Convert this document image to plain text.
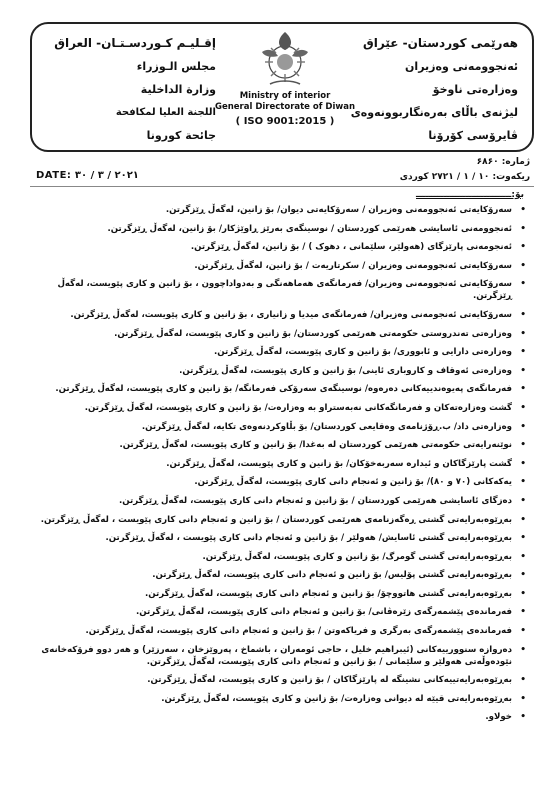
هەرێمی کوردستان- عێراق
ئەنجوومەنی وەزیران
وەزارەتی ناوخۆ
لیژنەی باڵای بەرەنگاربوونەوەی
ڤایرۆسی کۆرۆنا
Ministry of interior
General Directorate of Diwan
( ISO 9001:2015 )
إقـليـم كـوردسـتـان- العراق
مجلس الـوزراء
وزارة الداخلية
اللجنة العليا لمكافحة
جائحة كورونا
ژمارە: ۶۸۶۰
ریکەوت: ١٠ / ١ / ٢٧٢١ کوردی
DATE: ٢٠٢١ / ٣ / ٣٠
بۆ:ـــــــــــــــــــــــــــــــ
•
سەرۆکایەتی ئەنجوومەنی وەزیران / سەرۆکایەتی دیوان/ بۆ زانین، لەگەڵ ڕێزگرتن.
•
ئەنجوومەنی ئاسایشی هەرێمی کوردستان / نوسینگەی بەرێز ڕاوێژکار/ بۆ زانین، لەگەڵ ڕێزگرتن.
•
ئەنجومەنی پارێزگای (هەولێر، سلێمانی ، دهوک ) / بۆ زانین، لەگەڵ ڕێزگرتن.
•
سەرۆکایەتی ئەنجوومەنی وەزیران / سکرتاریەت / بۆ زانین، لەگەڵ ڕێزگرتن.
•
سەرۆکایەتی ئەنجوومەنی وەزیران/ فەرمانگەی هەماهەنگی و بەدواداچوون ، بۆ زانین و کاری پێویست، لەگەڵ ڕێزگرتن.
•
سەرۆکایەتی ئەنجومەنی وەزیران/ فەرمانگەی میدیا و زانیاری ، بۆ زانین و کاری پێویست، لەگەڵ ڕێزگرتن.
•
وەزارەتی تەندروستی حکومەتی هەرێمی کوردستان/ بۆ زانین و کاری پێویست، لەگەڵ ڕێزگرتن.
•
وەزارەتی دارایی و ئابووری/ بۆ زانین و کاری پێویست، لەگەڵ ڕێزگرتن.
•
وەزارەتی ئەوقاف و کاروباری ئاینی/ بۆ زانین و کاری پێویست، لەگەڵ ڕێزگرتن.
•
فەرمانگەی پەیوەندییەکانی دەرەوە/ نوسینگەی سەرۆکی فەرمانگە/ بۆ زانین و کاری پێویست، لەگەڵ ڕێزگرتن.
•
گشت وەزارەتەکان و فەرمانگەکانی نەبەستراو بە وەزارەت/ بۆ زانین و کاری پێویست، لەگەڵ ڕێزگرتن.
•
وەزارەتی داد/ ب.ڕۆژنامەی وەقایعی کوردستان/ بۆ بڵاوکردنەوەی تکایە، لەگەڵ ڕێزگرتن.
•
نوێنەرایەتی حکومەتی هەرێمی کوردستان لە بەغدا/ بۆ زانین و کاری پێویست، لەگەڵ ڕێزگرتن.
•
گشت پارێزگاکان و ئیدارە سەربەخۆکان/ بۆ زانین و کاری پێویست، لەگەڵ ڕێزگرتن.
•
یەکەکانی (٧٠ و ٨٠)/ بۆ زانین و ئەنجام دانی کاری پێویست، لەگەڵ ڕێزگرتن.
•
دەزگای ئاسایشی هەرێمی کوردستان / بۆ زانین و ئەنجام دانی کاری پێویست، لەگەڵ ڕێزگرتن.
•
بەڕێوەبەرایەتی گشتی ڕەگەزنامەی هەرێمی کوردستان / بۆ زانین و ئەنجام دانی کاری پێویست ، لەگەڵ ڕێزگرتن.
•
بەڕێوەبەرایەتی گشتی ئاسایش/ هەولێر / بۆ زانین و ئەنجام دانی کاری پێویست ، لەگەڵ ڕێزگرتن.
•
بەڕێوەبەرایەتی گشتی گومرگ/ بۆ زانین و کاری پێویست، لەگەڵ ڕێزگرتن.
•
بەڕێوەبەرایەتی گشتی پۆلیس/ بۆ زانین و ئەنجام دانی کاری پێویست، لەگەڵ ڕێزگرتن.
•
بەڕێوەبەرایەتی گشتی هاتووچۆ/ بۆ زانین و ئەنجام دانی کاری پێویست، لەگەڵ ڕێزگرتن.
•
فەرماندەی پێشمەرگەی زێرەڤانی/ بۆ زانین و ئەنجام دانی کاری پێویست، لەگەڵ ڕێزگرتن.
•
فەرماندەی پێشمەرگەی بەرگری و فریاکەوتن / بۆ زانین و ئەنجام دانی کاری پێویست، لەگەڵ ڕێزگرتن.
•
دەروازە سنوورییەکانی (ئیبراهیم خلیل ، حاجی ئومەران ، باشماخ ، پەروێزخان ، سەرزێر) و هەر دوو فرۆکەخانەی نێودەوڵەتی هەولێر و سلێمانی / بۆ زانین و ئەنجام دانی کاری پێویست، لەگەڵ ڕێزگرتن.
•
بەڕێوەبەرایەتییەکانی نشینگە لە پارێزگاکان / بۆ زانین و کاری پێویست، لەگەڵ ڕێزگرتن.
•
بەڕێوەبەرایەتی قیێە لە دیوانی وەزارەت/ بۆ زانین و کاری پێویست، لەگەڵ ڕێزگرتن.
•
خولاو.
